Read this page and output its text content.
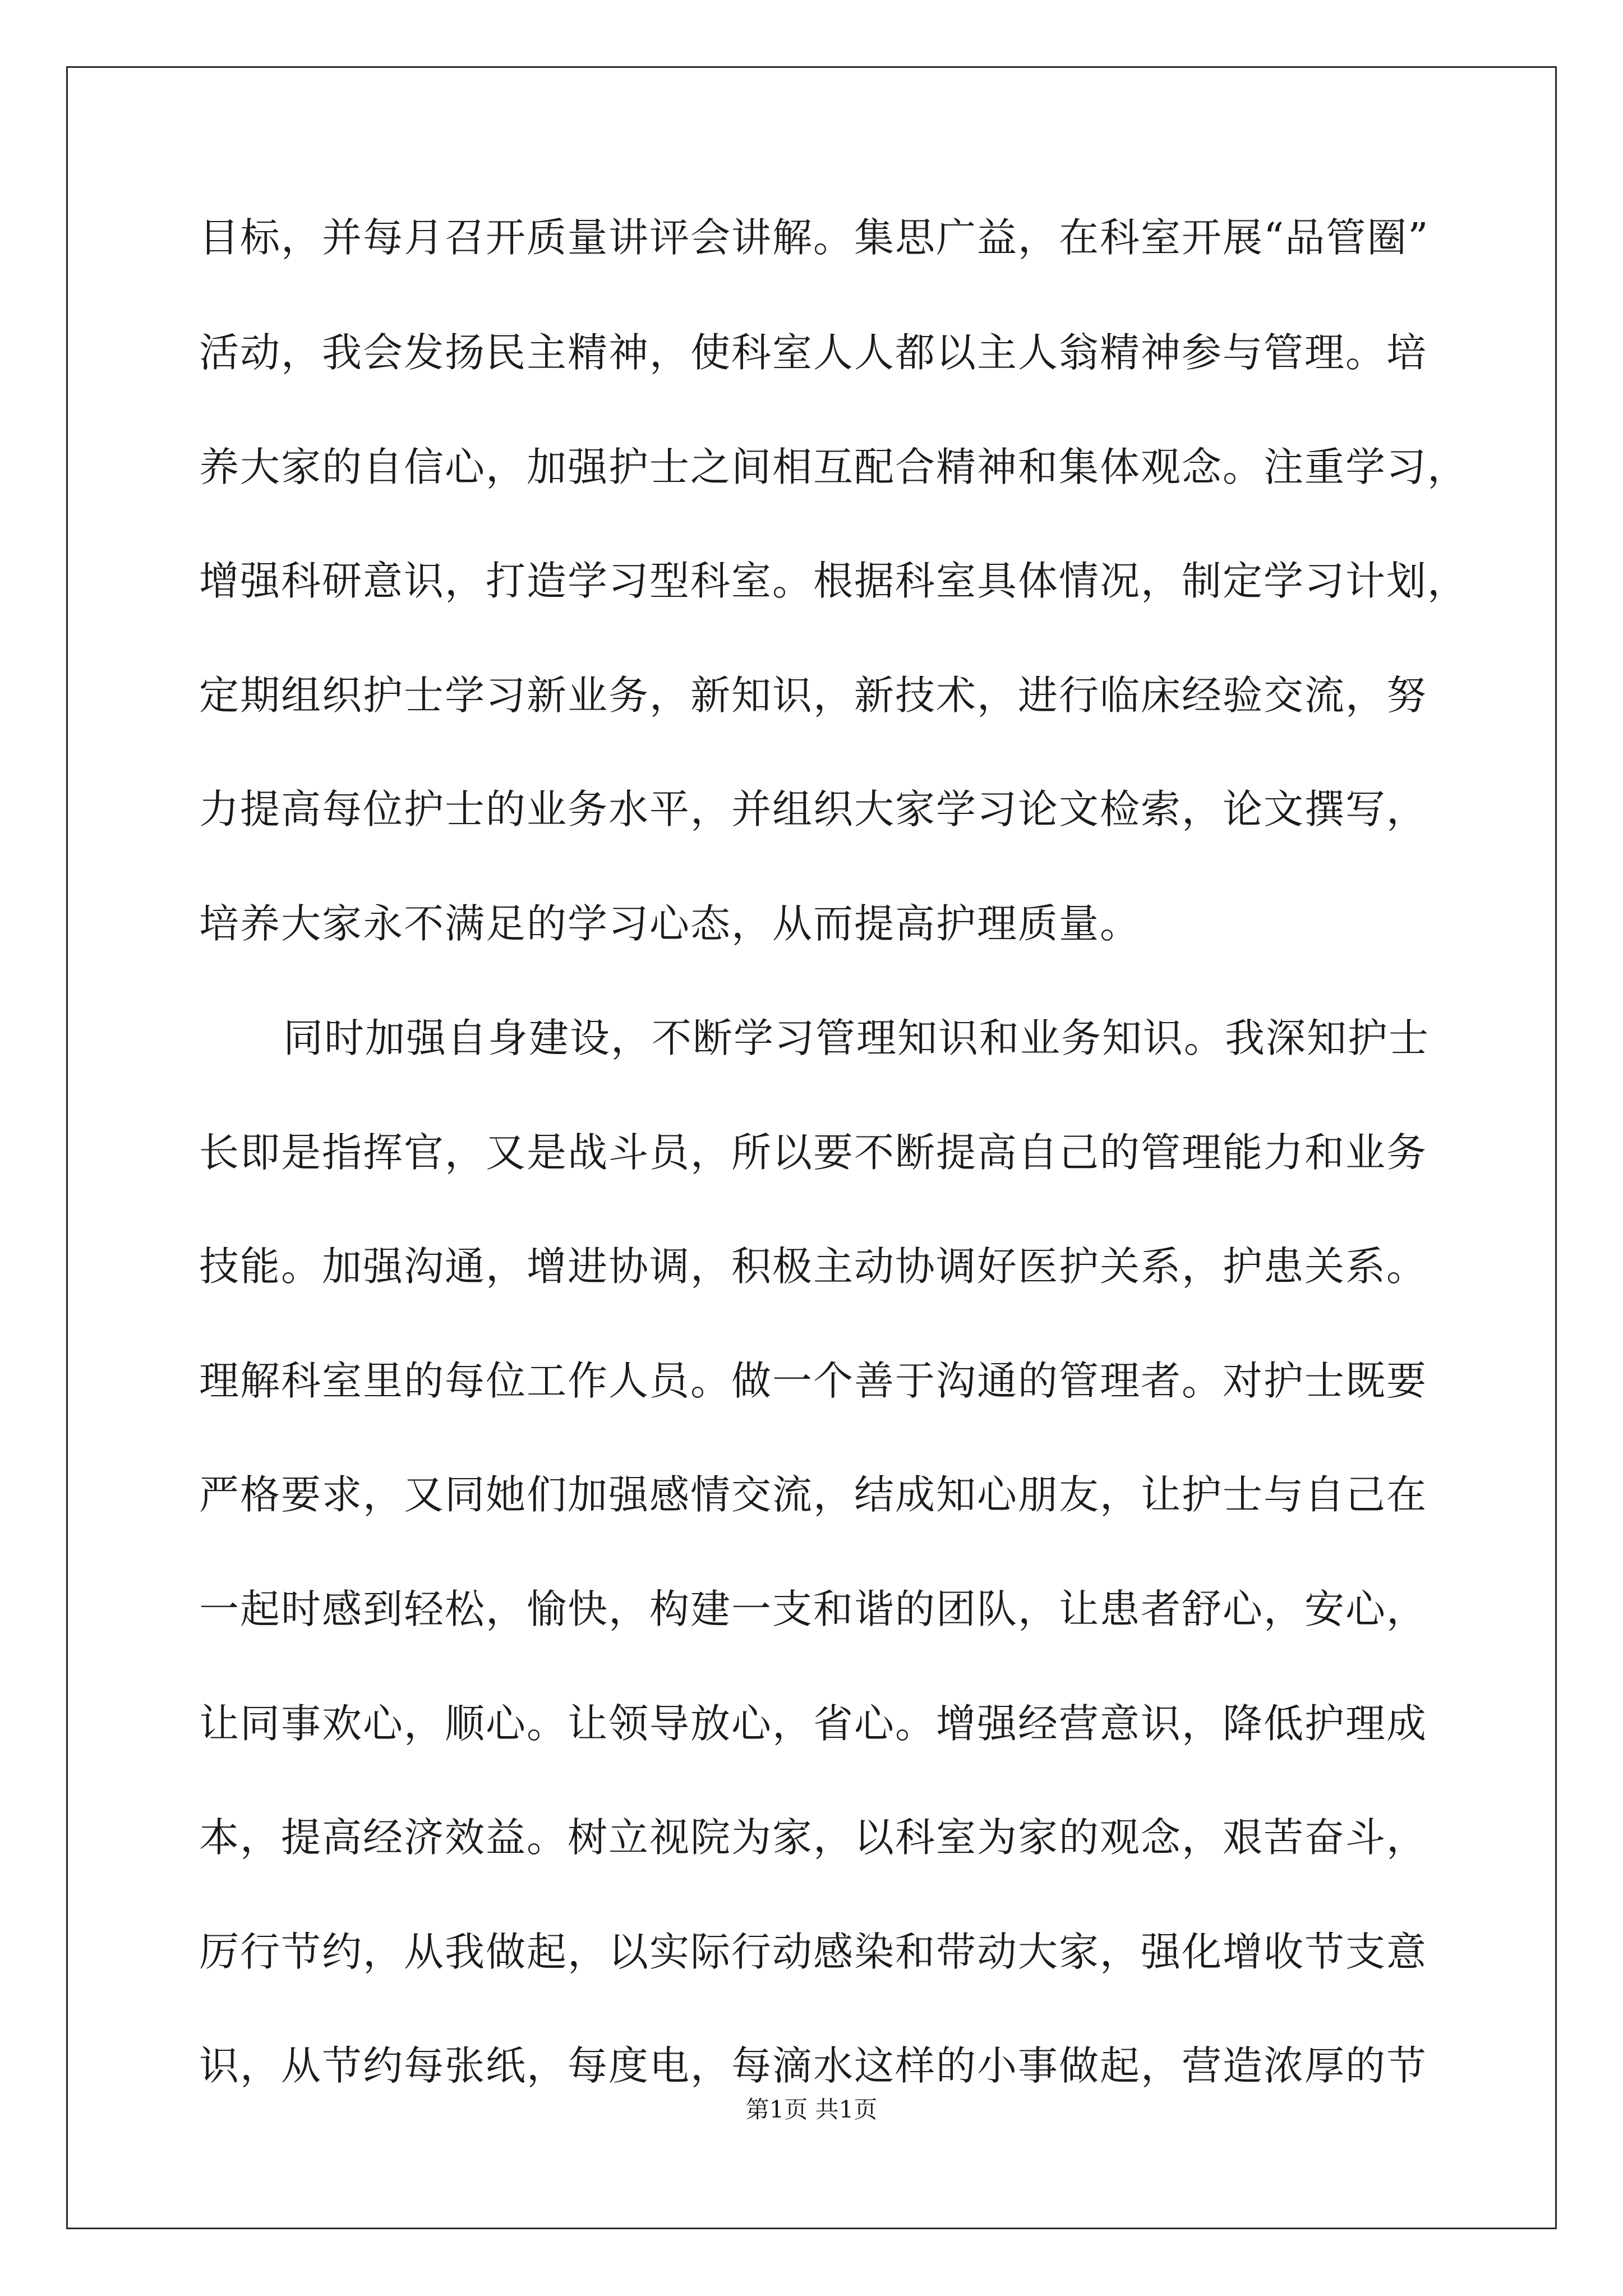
目标，并每月召开质量讲评会讲解。集思广益，在科室开展“品管圈”
活动，我会发扬民主精神，使科室人人都以主人翁精神参与管理。培
养大家的自信心，加强护士之间相互配合精神和集体观念。注重学习，
增强科研意识，打造学习型科室。根据科室具体情况，制定学习计划，
定期组织护士学习新业务，新知识，新技术，进行临床经验交流，努
力提高每位护士的业务水平，并组织大家学习论文检索，论文撰写，
培养大家永不满足的学习心态，从而提高护理质量。
同时加强自身建设，不断学习管理知识和业务知识。我深知护士
长即是指挥官，又是战斗员，所以要不断提高自己的管理能力和业务
技能。加强沟通，增进协调，积极主动协调好医护关系，护患关系。
理解科室里的每位工作人员。做一个善于沟通的管理者。对护士既要
严格要求，又同她们加强感情交流，结成知心朋友，让护士与自己在
一起时感到轻松，愉快，构建一支和谐的团队，让患者舒心，安心，
让同事欢心，顺心。让领导放心，省心。增强经营意识，降低护理成
本，提高经济效益。树立视院为家，以科室为家的观念，艰苦奋斗，
厉行节约，从我做起，以实际行动感染和带动大家，强化增收节支意
识，从节约每张纸，每度电，每滴水这样的小事做起，营造浓厚的节
第1页 共1页
